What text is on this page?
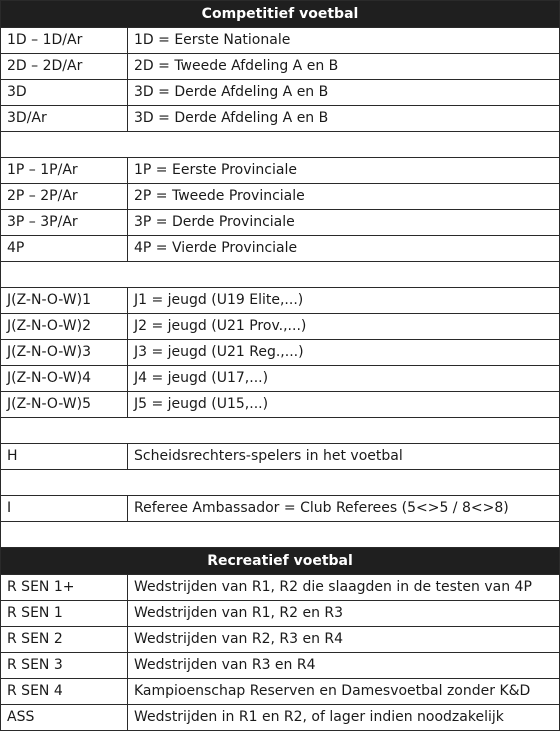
Competitief voetbal	
1D – 1D/Ar	1D = Eerste Nationale
2D – 2D/Ar	2D = Tweede Afdeling A en B
3D	3D = Derde Afdeling A en B
3D/Ar	3D = Derde Afdeling A en B

1P – 1P/Ar	1P = Eerste Provinciale
2P – 2P/Ar	2P = Tweede Provinciale
3P – 3P/Ar	3P = Derde Provinciale
4P	4P = Vierde Provinciale

J(Z-N-O-W)1	J1 = jeugd (U19 Elite,...)
J(Z-N-O-W)2	J2 = jeugd (U21 Prov.,...)
J(Z-N-O-W)3	J3 = jeugd (U21 Reg.,...)
J(Z-N-O-W)4	J4 = jeugd (U17,...)
J(Z-N-O-W)5	J5 = jeugd (U15,...)

H	Scheidsrechters-spelers in het voetbal

I	Referee Ambassador = Club Referees (5<>5 / 8<>8)

Recreatief voetbal	
R SEN 1+	Wedstrijden van R1, R2 die slaagden in de testen van 4P
R SEN 1	Wedstrijden van R1, R2 en R3
R SEN 2	Wedstrijden van R2, R3 en R4
R SEN 3	Wedstrijden van R3 en R4
R SEN 4	Kampioenschap Reserven en Damesvoetbal zonder K&D
ASS	Wedstrijden in R1 en R2, of lager indien noodzakelijk
